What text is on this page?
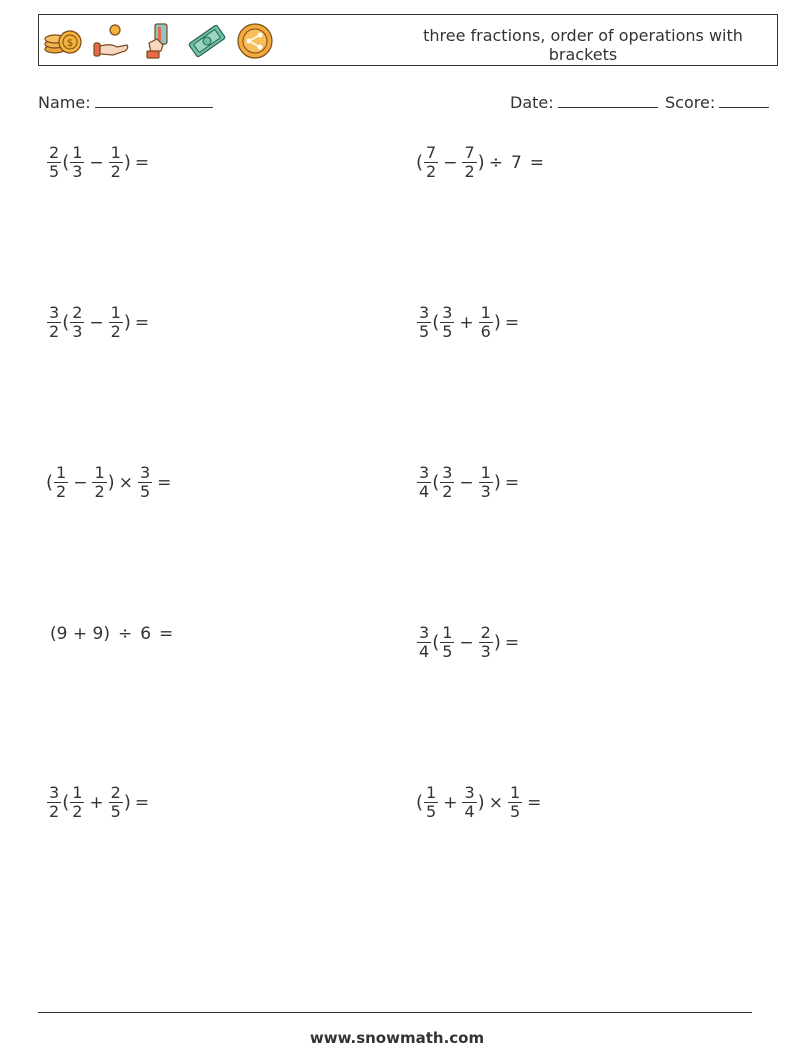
$	three fractions, order of operations with brackets
Name:	Date:	Score:
$\frac{2}{5}$ ( $\frac{1}{3} - \frac{1}{2}$ ) =	( $\frac{7}{2} - \frac{7}{2}$ ) ÷ 7 =
$\frac{3}{2}$ ( $\frac{2}{3} - \frac{1}{2}$ ) =	$\frac{3}{5}$ ( $\frac{3}{5} + \frac{1}{6}$ ) =
( $\frac{1}{2} - \frac{1}{2}$ ) × $\frac{3}{5}$ =	$\frac{3}{4}$ ( $\frac{3}{2} - \frac{1}{3}$ ) =
(9 + 9) ÷ 6 =	$\frac{3}{4}$ ( $\frac{1}{5} - \frac{2}{3}$ ) =
$\frac{3}{2}$ ( $\frac{1}{2} + \frac{2}{5}$ ) =	( $\frac{1}{5} + \frac{3}{4}$ ) × $\frac{1}{5}$ =
www.snowmath.com
